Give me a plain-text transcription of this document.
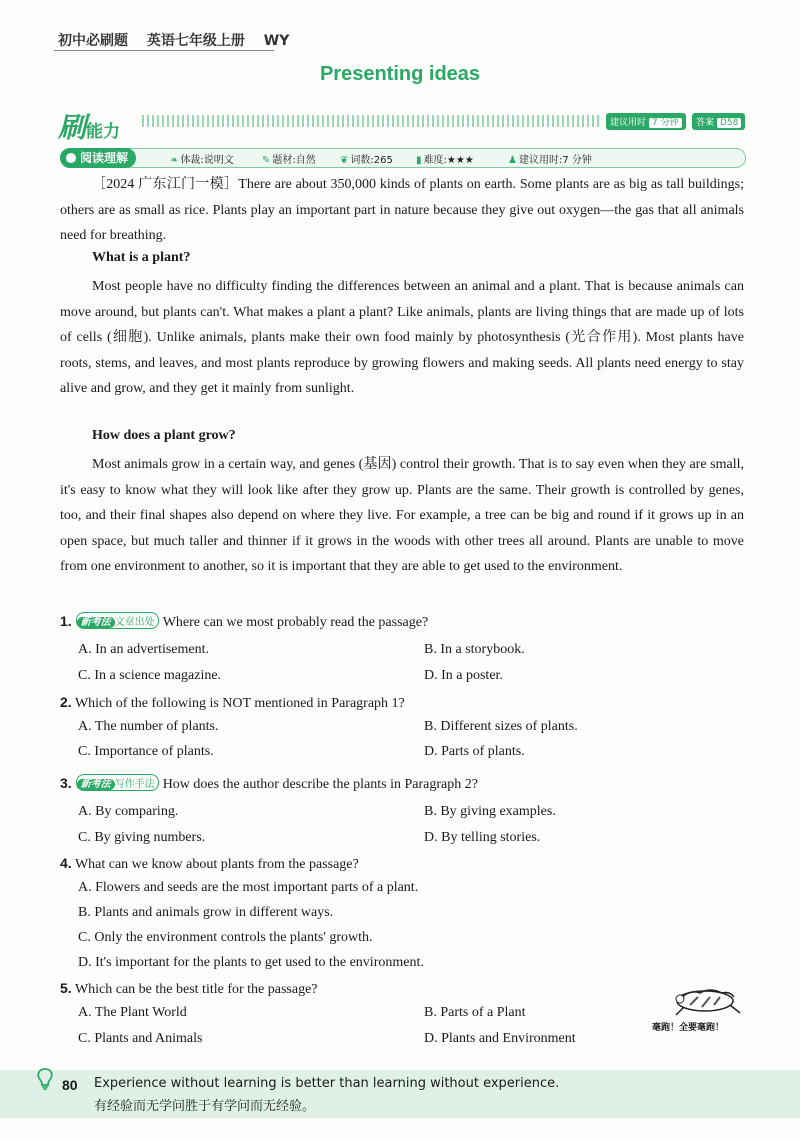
初中必刷题 英语七年级上册 WY
Presenting ideas
刷能力	建议用时 7 分钟	答案 D58
阅读理解	❧ 体裁:说明文	✎ 题材:自然 ❦ 词数:265 ▮ 难度:★★★	♟ 建议用时:7 分钟

［2024 广东江门一模］There are about 350,000 kinds of plants on earth. Some plants are as big as tall buildings; others are as small as rice. Plants play an important part in nature because they give out oxygen—the gas that all animals need for breathing.

What is a plant?

Most people have no difficulty finding the differences between an animal and a plant. That is because animals can move around, but plants can't. What makes a plant a plant? Like animals, plants are living things that are made up of lots of cells (细胞). Unlike animals, plants make their own food mainly by photosynthesis (光合作用). Most plants have roots, stems, and leaves, and most plants reproduce by growing flowers and making seeds. All plants need energy to stay alive and grow, and they get it mainly from sunlight.

How does a plant grow?

Most animals grow in a certain way, and genes (基因) control their growth. That is to say even when they are small, it's easy to know what they will look like after they grow up. Plants are the same. Their growth is controlled by genes, too, and their final shapes also depend on where they live. For example, a tree can be big and round if it grows up in an open space, but much taller and thinner if it grows in the woods with other trees all around. Plants are unable to move from one environment to another, so it is important that they are able to get used to the environment.

1. 新考法 文章出处 Where can we most probably read the passage?
A. In an advertisement.	B. In a storybook.
C. In a science magazine.	D. In a poster.
2. Which of the following is NOT mentioned in Paragraph 1?
A. The number of plants.	B. Different sizes of plants.
C. Importance of plants.	D. Parts of plants.
3. 新考法 写作手法 How does the author describe the plants in Paragraph 2?
A. By comparing.	B. By giving examples.
C. By giving numbers.	D. By telling stories.
4. What can we know about plants from the passage?
A. Flowers and seeds are the most important parts of a plant.
B. Plants and animals grow in different ways.
C. Only the environment controls the plants' growth.
D. It's important for the plants to get used to the environment.
5. Which can be the best title for the passage?
A. The Plant World	B. Parts of a Plant
C. Plants and Animals	D. Plants and Environment
毫跑！全要毫跑！
80 Experience without learning is better than learning without experience.
有经验而无学问胜于有学问而无经验。
